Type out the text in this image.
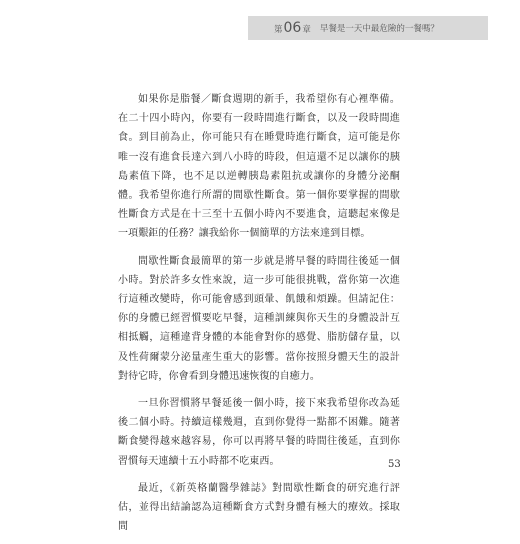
第 06 章 早餐是一天中最危險的一餐嗎？

如果你是脂餐／斷食週期的新手，我希望你有心裡準備。在二十四小時內，你要有一段時間進行斷食，以及一段時間進食。到目前為止，你可能只有在睡覺時進行斷食，這可能是你唯一沒有進食長達六到八小時的時段，但這還不足以讓你的胰島素值下降，也不足以逆轉胰島素阻抗或讓你的身體分泌酮體。我希望你進行所謂的間歇性斷食。第一個你要掌握的間歇性斷食方式是在十三至十五個小時內不要進食，這聽起來像是一項艱鉅的任務？讓我給你一個簡單的方法來達到目標。

間歇性斷食最簡單的第一步就是將早餐的時間往後延一個小時。對於許多女性來說，這一步可能很挑戰，當你第一次進行這種改變時，你可能會感到頭暈、飢餓和煩躁。但請記住：你的身體已經習慣要吃早餐，這種訓練與你天生的身體設計互相抵觸，這種違背身體的本能會對你的感覺、脂肪儲存量，以及性荷爾蒙分泌量產生重大的影響。當你按照身體天生的設計對待它時，你會看到身體迅速恢復的自癒力。

一旦你習慣將早餐延後一個小時，接下來我希望你改為延後二個小時。持續這樣幾週，直到你覺得一點都不困難。隨著斷食變得越來越容易，你可以再將早餐的時間往後延，直到你習慣每天連續十五小時都不吃東西。

最近，《新英格蘭醫學雜誌》對間歇性斷食的研究進行評估，並得出結論認為這種斷食方式對身體有極大的療效。採取間

53
